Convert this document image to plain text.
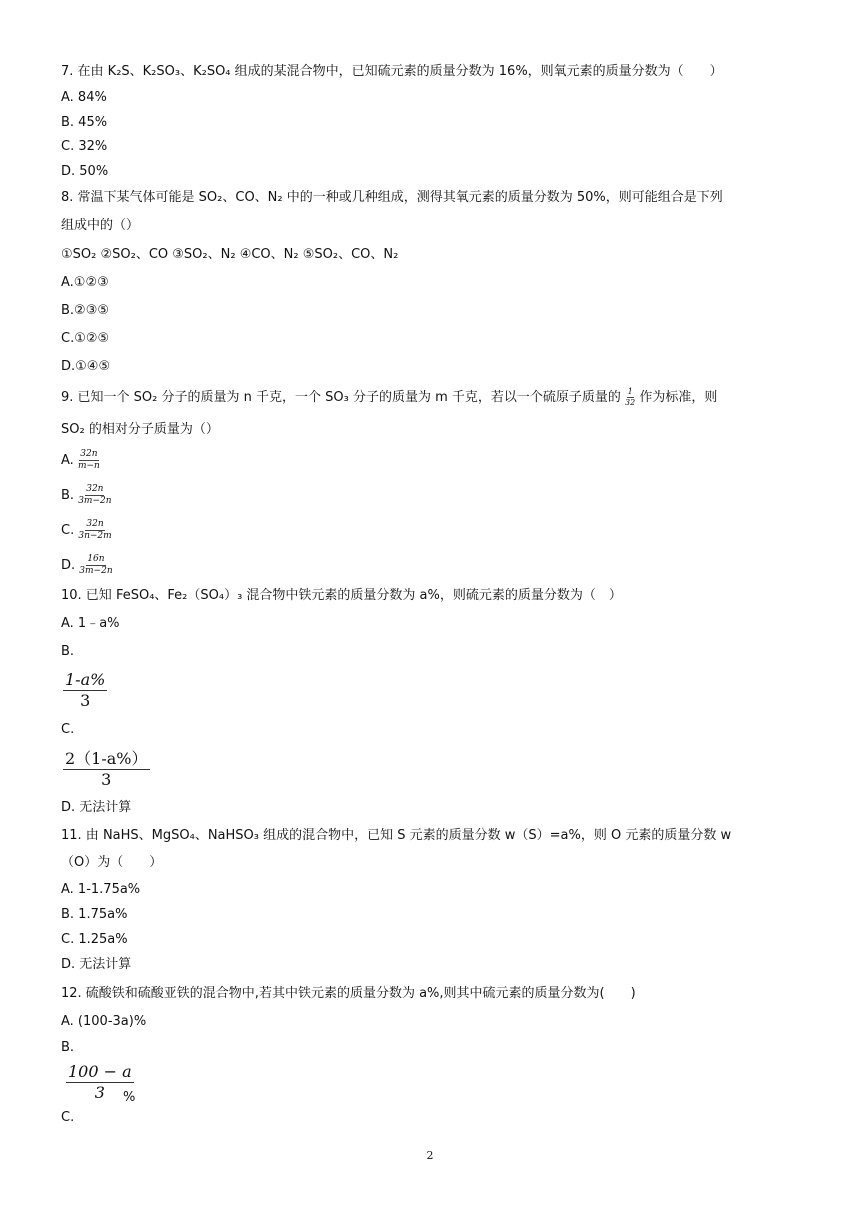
7. 在由 K₂S、K₂SO₃、K₂SO₄ 组成的某混合物中，已知硫元素的质量分数为 16%，则氧元素的质量分数为（　　）
A. 84%
B. 45%
C. 32%
D. 50%
8. 常温下某气体可能是 SO₂、CO、N₂ 中的一种或几种组成，测得其氧元素的质量分数为 50%，则可能组合是下列
组成中的（）
①SO₂ ②SO₂、CO ③SO₂、N₂ ④CO、N₂ ⑤SO₂、CO、N₂
A.①②③
B.②③⑤
C.①②⑤
D.①④⑤
9. 已知一个 SO₂ 分子的质量为 n 千克，一个 SO₃ 分子的质量为 m 千克，若以一个硫原子质量的 $\frac{1}{32}$ 作为标准，则
SO₂ 的相对分子质量为（）
A. $\frac{32n}{m-n}$
B. $\frac{32n}{3m-2n}$
C. $\frac{32n}{3n-2m}$
D. $\frac{16n}{3m-2n}$
10. 已知 FeSO₄、Fe₂（SO₄）₃ 混合物中铁元素的质量分数为 a%，则硫元素的质量分数为（　）
A. 1﹣a%
B.
$\frac{1-a\%}{3}$
C.
$\frac{2(1-a\%)}{3}$
D. 无法计算
11. 由 NaHS、MgSO₄、NaHSO₃ 组成的混合物中，已知 S 元素的质量分数 w（S）=a%，则 O 元素的质量分数 w
（O）为（　　）
A. 1-1.75a%
B. 1.75a%
C. 1.25a%
D. 无法计算
12. 硫酸铁和硫酸亚铁的混合物中,若其中铁元素的质量分数为 a%,则其中硫元素的质量分数为(　　)
A. (100-3a)%
B.
$\frac{100 - a}{3}$
%
C.
2
